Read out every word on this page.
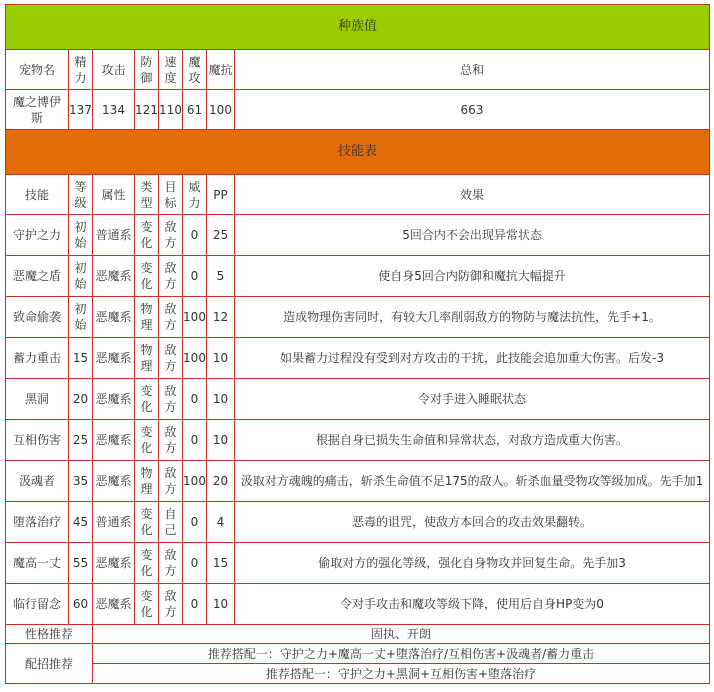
种族值							
宠物名	精力	攻击	防御	速度	魔攻	魔抗	总和
魔之博伊斯	137	134	121	110	61	100	663
技能表							
技能	等级	属性	类型	目标	威力	PP	效果
守护之力	初始	普通系	变化	敌方	0	25	5回合内不会出现异常状态
恶魔之盾	初始	恶魔系	变化	敌方	0	5	使自身5回合内防御和魔抗大幅提升
致命偷袭	初始	恶魔系	物理	敌方	100	12	造成物理伤害同时，有较大几率削弱敌方的物防与魔法抗性，先手+1。
蓄力重击	15	恶魔系	物理	敌方	100	10	如果蓄力过程没有受到对方攻击的干扰，此技能会追加重大伤害。后发-3
黑洞	20	恶魔系	变化	敌方	0	10	令对手进入睡眠状态
互相伤害	25	恶魔系	变化	敌方	0	10	根据自身已损失生命值和异常状态，对敌方造成重大伤害。
汲魂者	35	恶魔系	物理	敌方	100	20	汲取对方魂魄的痛击，斩杀生命值不足175的敌人。斩杀血量受物攻等级加成。先手加1
堕落治疗	45	普通系	变化	自己	0	4	恶毒的诅咒，使敌方本回合的攻击效果翻转。
魔高一丈	55	恶魔系	变化	敌方	0	15	偷取对方的强化等级，强化自身物攻并回复生命。先手加3
临行留念	60	恶魔系	变化	敌方	0	10	令对手攻击和魔攻等级下降，使用后自身HP变为0
性格推荐		固执、开朗					
配招推荐		推荐搭配一：守护之力+魔高一丈+堕落治疗/互相伤害+汲魂者/蓄力重击					
		推荐搭配一：守护之力+黑洞+互相伤害+堕落治疗					
